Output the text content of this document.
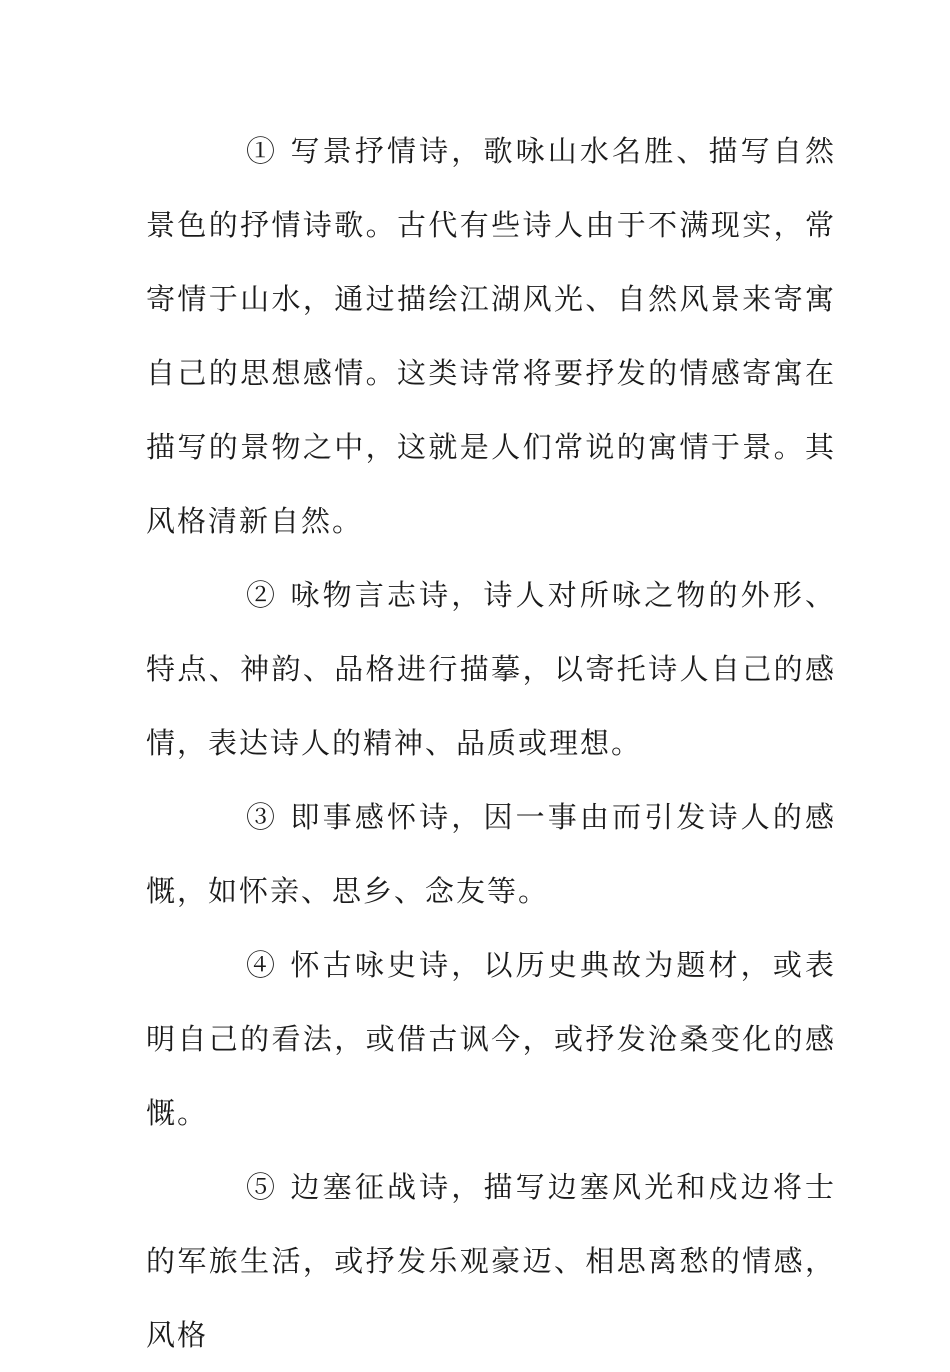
① 写景抒情诗，歌咏山水名胜、描写自然景色的抒情诗歌。古代有些诗人由于不满现实，常寄情于山水，通过描绘江湖风光、自然风景来寄寓自己的思想感情。这类诗常将要抒发的情感寄寓在描写的景物之中，这就是人们常说的寓情于景。其风格清新自然。

② 咏物言志诗，诗人对所咏之物的外形、特点、神韵、品格进行描摹，以寄托诗人自己的感情，表达诗人的精神、品质或理想。

③ 即事感怀诗，因一事由而引发诗人的感慨，如怀亲、思乡、念友等。

④ 怀古咏史诗，以历史典故为题材，或表明自己的看法，或借古讽今，或抒发沧桑变化的感慨。

⑤ 边塞征战诗，描写边塞风光和戍边将士的军旅生活，或抒发乐观豪迈、相思离愁的情感，风格
